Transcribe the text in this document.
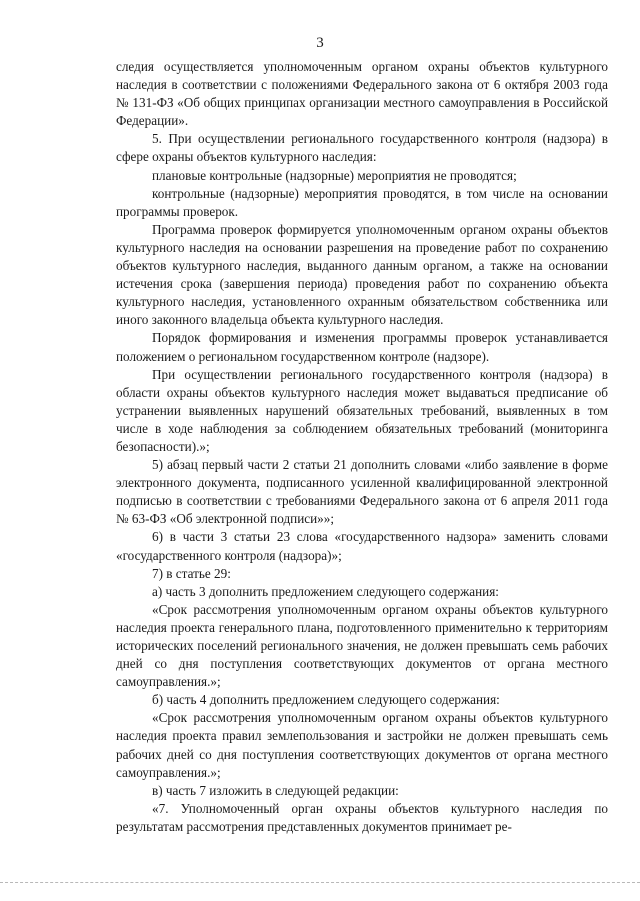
3

следия осуществляется уполномоченным органом охраны объектов культурного наследия в соответствии с положениями Федерального закона от 6 октября 2003 года № 131-ФЗ «Об общих принципах организации местного самоуправления в Российской Федерации».

5. При осуществлении регионального государственного контроля (надзора) в сфере охраны объектов культурного наследия:

плановые контрольные (надзорные) мероприятия не проводятся;

контрольные (надзорные) мероприятия проводятся, в том числе на основании программы проверок.

Программа проверок формируется уполномоченным органом охраны объектов культурного наследия на основании разрешения на проведение работ по сохранению объектов культурного наследия, выданного данным органом, а также на основании истечения срока (завершения периода) проведения работ по сохранению объекта культурного наследия, установленного охранным обязательством собственника или иного законного владельца объекта культурного наследия.

Порядок формирования и изменения программы проверок устанавливается положением о региональном государственном контроле (надзоре).

При осуществлении регионального государственного контроля (надзора) в области охраны объектов культурного наследия может выдаваться предписание об устранении выявленных нарушений обязательных требований, выявленных в том числе в ходе наблюдения за соблюдением обязательных требований (мониторинга безопасности).»;

5) абзац первый части 2 статьи 21 дополнить словами «либо заявление в форме электронного документа, подписанного усиленной квалифицированной электронной подписью в соответствии с требованиями Федерального закона от 6 апреля 2011 года № 63-ФЗ «Об электронной подписи»»;

6) в части 3 статьи 23 слова «государственного надзора» заменить словами «государственного контроля (надзора)»;

7) в статье 29:

а) часть 3 дополнить предложением следующего содержания:

«Срок рассмотрения уполномоченным органом охраны объектов культурного наследия проекта генерального плана, подготовленного применительно к территориям исторических поселений регионального значения, не должен превышать семь рабочих дней со дня поступления соответствующих документов от органа местного самоуправления.»;

б) часть 4 дополнить предложением следующего содержания:

«Срок рассмотрения уполномоченным органом охраны объектов культурного наследия проекта правил землепользования и застройки не должен превышать семь рабочих дней со дня поступления соответствующих документов от органа местного самоуправления.»;

в) часть 7 изложить в следующей редакции:

«7. Уполномоченный орган охраны объектов культурного наследия по результатам рассмотрения представленных документов принимает ре-
